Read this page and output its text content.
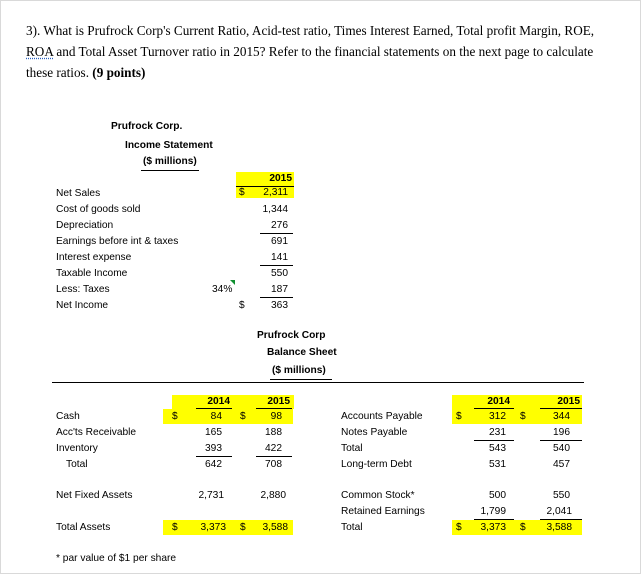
3). What is Prufrock Corp's Current Ratio, Acid-test ratio, Times Interest Earned, Total profit Margin, ROE, ROA and Total Asset Turnover ratio in 2015? Refer to the financial statements on the next page to calculate these ratios. (9 points)
Prufrock Corp.
Income Statement
($ millions)
2015
$
Net Sales	2,311
Cost of goods sold	1,344
Depreciation	276
Earnings before int & taxes	691
Interest expense	141
Taxable Income	550
Less: Taxes	34%	187
Net Income	$	363
Prufrock Corp
Balance Sheet
($ millions)
2014	2015
Cash	$	84 $	98
Acc'ts Receivable	165	188
Inventory	393	422
Total	642	708
Net Fixed Assets	2,731	2,880
Total Assets	$	3,373 $	3,588
2014	2015
Accounts Payable	$	312 $	344
Notes Payable	231	196
Total	543	540
Long-term Debt	531	457
Common Stock*	500	550
Retained Earnings	1,799	2,041
Total	$	3,373 $	3,588
* par value of $1 per share
